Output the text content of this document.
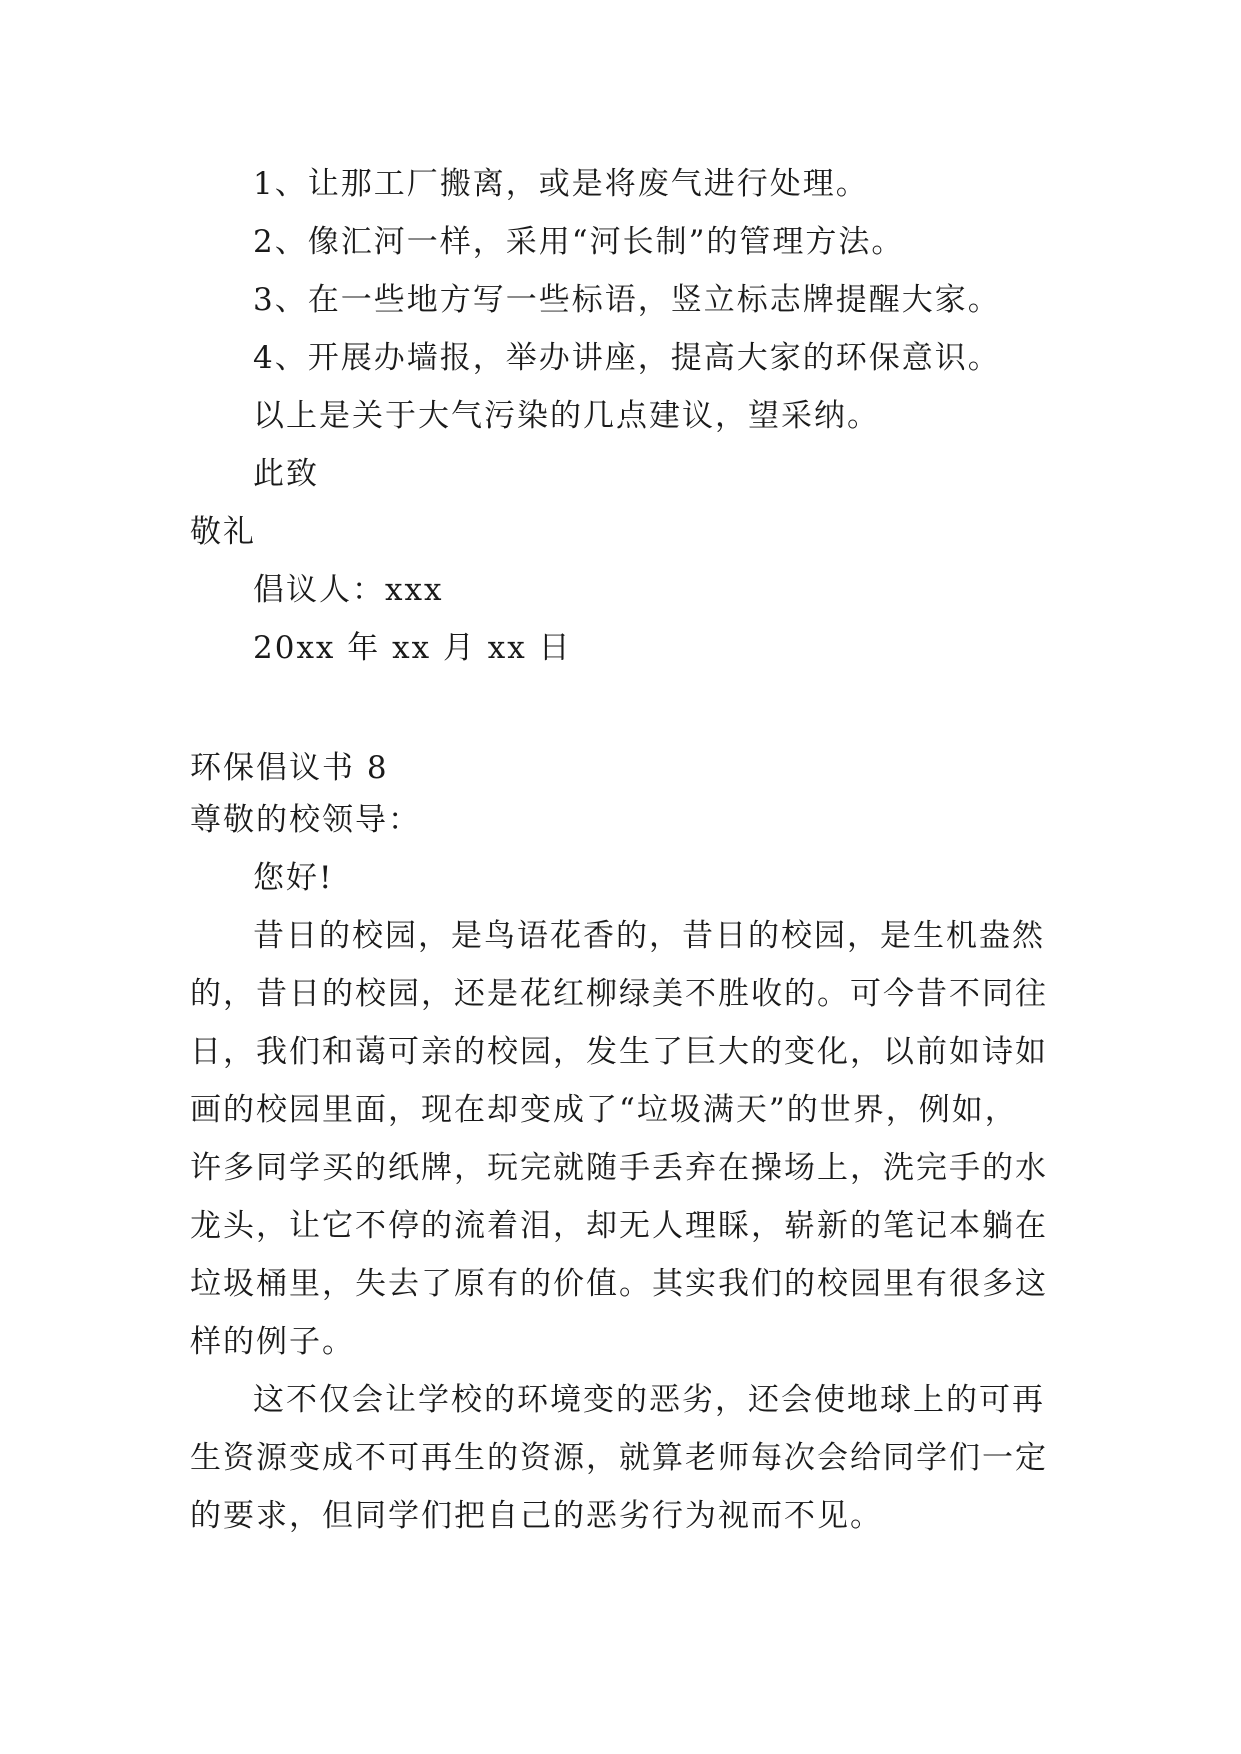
1、让那工厂搬离，或是将废气进行处理。
2、像汇河一样，采用“河长制”的管理方法。
3、在一些地方写一些标语，竖立标志牌提醒大家。
4、开展办墙报，举办讲座，提高大家的环保意识。
以上是关于大气污染的几点建议，望采纳。
此致
敬礼
倡议人：xxx
20xx 年 xx 月 xx 日
环保倡议书 8
尊敬的校领导：
您好!
昔日的校园，是鸟语花香的，昔日的校园，是生机盎然
的，昔日的校园，还是花红柳绿美不胜收的。可今昔不同往
日，我们和蔼可亲的校园，发生了巨大的变化，以前如诗如
画的校园里面，现在却变成了“垃圾满天”的世界，例如，
许多同学买的纸牌，玩完就随手丢弃在操场上，洗完手的水
龙头，让它不停的流着泪，却无人理睬，崭新的笔记本躺在
垃圾桶里，失去了原有的价值。其实我们的校园里有很多这
样的例子。
这不仅会让学校的环境变的恶劣，还会使地球上的可再
生资源变成不可再生的资源，就算老师每次会给同学们一定
的要求，但同学们把自己的恶劣行为视而不见。
